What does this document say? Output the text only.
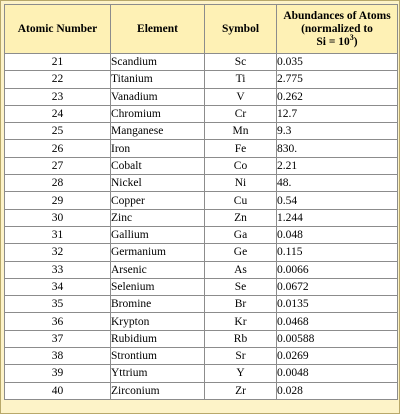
Atomic Number	Element	Symbol	Abundances of Atoms
(normalized to
$Si = 10^3$)
21	Scandium	Sc	0.035
22	Titanium	Ti	2.775
23	Vanadium	V	0.262
24	Chromium	Cr	12.7
25	Manganese	Mn	9.3
26	Iron	Fe	830.
27	Cobalt	Co	2.21
28	Nickel	Ni	48.
29	Copper	Cu	0.54
30	Zinc	Zn	1.244
31	Gallium	Ga	0.048
32	Germanium	Ge	0.115
33	Arsenic	As	0.0066
34	Selenium	Se	0.0672
35	Bromine	Br	0.0135
36	Krypton	Kr	0.0468
37	Rubidium	Rb	0.00588
38	Strontium	Sr	0.0269
39	Yttrium	Y	0.0048
40	Zirconium	Zr	0.028
